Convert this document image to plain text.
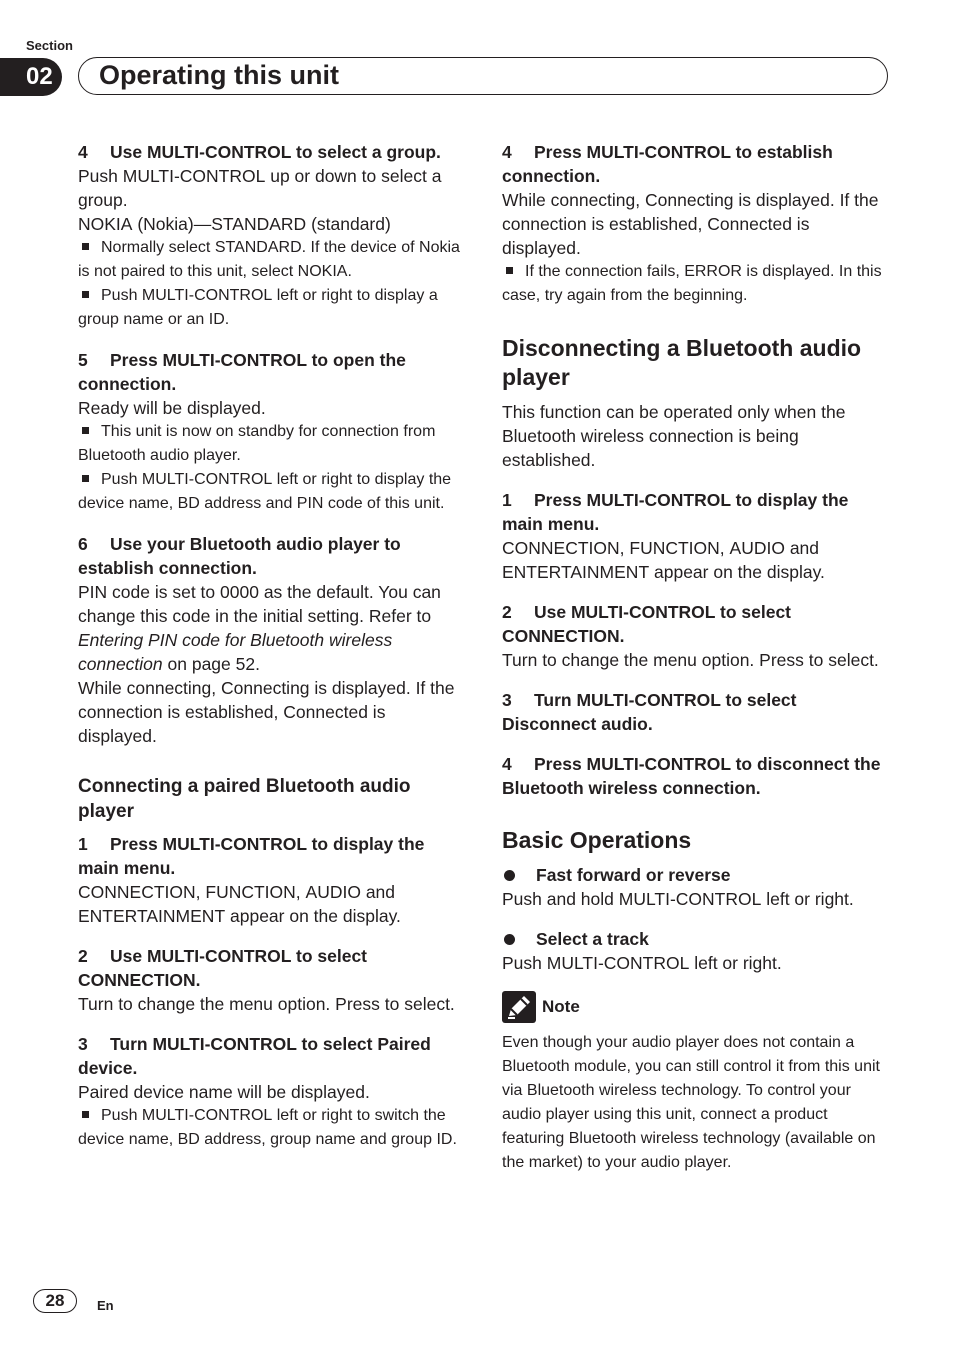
Section
02	Operating this unit

4 Use MULTI-CONTROL to select a group.

Push MULTI-CONTROL up or down to select a group.

NOKIA (Nokia)—STANDARD (standard)

Normally select STANDARD. If the device of Nokia is not paired to this unit, select NOKIA.

Push MULTI-CONTROL left or right to display a group name or an ID.

5 Press MULTI-CONTROL to open the connection.

Ready will be displayed.

This unit is now on standby for connection from Bluetooth audio player.

Push MULTI-CONTROL left or right to display the device name, BD address and PIN code of this unit.

6 Use your Bluetooth audio player to establish connection.

PIN code is set to 0000 as the default. You can change this code in the initial setting. Refer to Entering PIN code for Bluetooth wireless connection on page 52.

While connecting, Connecting is displayed. If the connection is established, Connected is displayed.

Connecting a paired Bluetooth audio player

1 Press MULTI-CONTROL to display the main menu.

CONNECTION, FUNCTION, AUDIO and ENTERTAINMENT appear on the display.

2 Use MULTI-CONTROL to select CONNECTION.

Turn to change the menu option. Press to select.

3 Turn MULTI-CONTROL to select Paired device.

Paired device name will be displayed.

Push MULTI-CONTROL left or right to switch the device name, BD address, group name and group ID.

4 Press MULTI-CONTROL to establish connection.

While connecting, Connecting is displayed. If the connection is established, Connected is displayed.

If the connection fails, ERROR is displayed. In this case, try again from the beginning.

Disconnecting a Bluetooth audio player

This function can be operated only when the Bluetooth wireless connection is being established.

1 Press MULTI-CONTROL to display the main menu.

CONNECTION, FUNCTION, AUDIO and ENTERTAINMENT appear on the display.

2 Use MULTI-CONTROL to select CONNECTION.

Turn to change the menu option. Press to select.

3 Turn MULTI-CONTROL to select Disconnect audio.

4 Press MULTI-CONTROL to disconnect the Bluetooth wireless connection.

Basic Operations

Fast forward or reverse

Push and hold MULTI-CONTROL left or right.

Select a track

Push MULTI-CONTROL left or right.

Note

Even though your audio player does not contain a Bluetooth module, you can still control it from this unit via Bluetooth wireless technology. To control your audio player using this unit, connect a product featuring Bluetooth wireless technology (available on the market) to your audio player.

28	En
